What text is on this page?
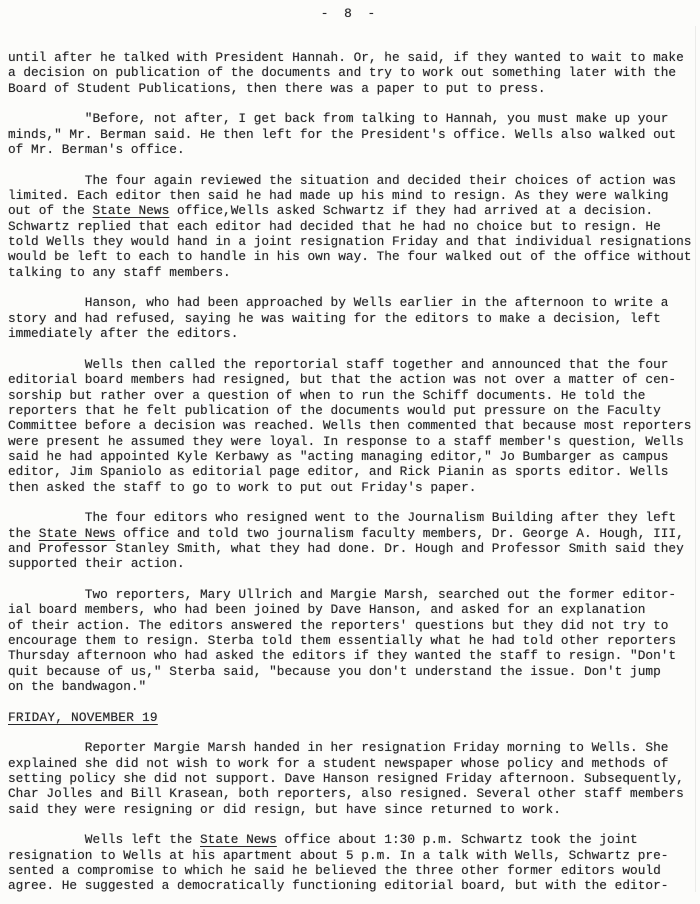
- 8 -
until after he talked with President Hannah. Or, he said, if they wanted to wait to make
a decision on publication of the documents and try to work out something later with the
Board of Student Publications, then there was a paper to put to press.
"Before, not after, I get back from talking to Hannah, you must make up your
minds," Mr. Berman said. He then left for the President's office. Wells also walked out
of Mr. Berman's office.
The four again reviewed the situation and decided their choices of action was
limited. Each editor then said he had made up his mind to resign. As they were walking
out of the State News office,Wells asked Schwartz if they had arrived at a decision.
Schwartz replied that each editor had decided that he had no choice but to resign. He
told Wells they would hand in a joint resignation Friday and that individual resignations
would be left to each to handle in his own way. The four walked out of the office without
talking to any staff members.
Hanson, who had been approached by Wells earlier in the afternoon to write a
story and had refused, saying he was waiting for the editors to make a decision, left
immediately after the editors.
Wells then called the reportorial staff together and announced that the four
editorial board members had resigned, but that the action was not over a matter of cen-
sorship but rather over a question of when to run the Schiff documents. He told the
reporters that he felt publication of the documents would put pressure on the Faculty
Committee before a decision was reached. Wells then commented that because most reporters
were present he assumed they were loyal. In response to a staff member's question, Wells
said he had appointed Kyle Kerbawy as "acting managing editor," Jo Bumbarger as campus
editor, Jim Spaniolo as editorial page editor, and Rick Pianin as sports editor. Wells
then asked the staff to go to work to put out Friday's paper.
The four editors who resigned went to the Journalism Building after they left
the State News office and told two journalism faculty members, Dr. George A. Hough, III,
and Professor Stanley Smith, what they had done. Dr. Hough and Professor Smith said they
supported their action.
Two reporters, Mary Ullrich and Margie Marsh, searched out the former editor-
ial board members, who had been joined by Dave Hanson, and asked for an explanation
of their action. The editors answered the reporters' questions but they did not try to
encourage them to resign. Sterba told them essentially what he had told other reporters
Thursday afternoon who had asked the editors if they wanted the staff to resign. "Don't
quit because of us," Sterba said, "because you don't understand the issue. Don't jump
on the bandwagon."
FRIDAY, NOVEMBER 19
Reporter Margie Marsh handed in her resignation Friday morning to Wells. She
explained she did not wish to work for a student newspaper whose policy and methods of
setting policy she did not support. Dave Hanson resigned Friday afternoon. Subsequently,
Char Jolles and Bill Krasean, both reporters, also resigned. Several other staff members
said they were resigning or did resign, but have since returned to work.
Wells left the State News office about 1:30 p.m. Schwartz took the joint
resignation to Wells at his apartment about 5 p.m. In a talk with Wells, Schwartz pre-
sented a compromise to which he said he believed the three other former editors would
agree. He suggested a democratically functioning editorial board, but with the editor-
